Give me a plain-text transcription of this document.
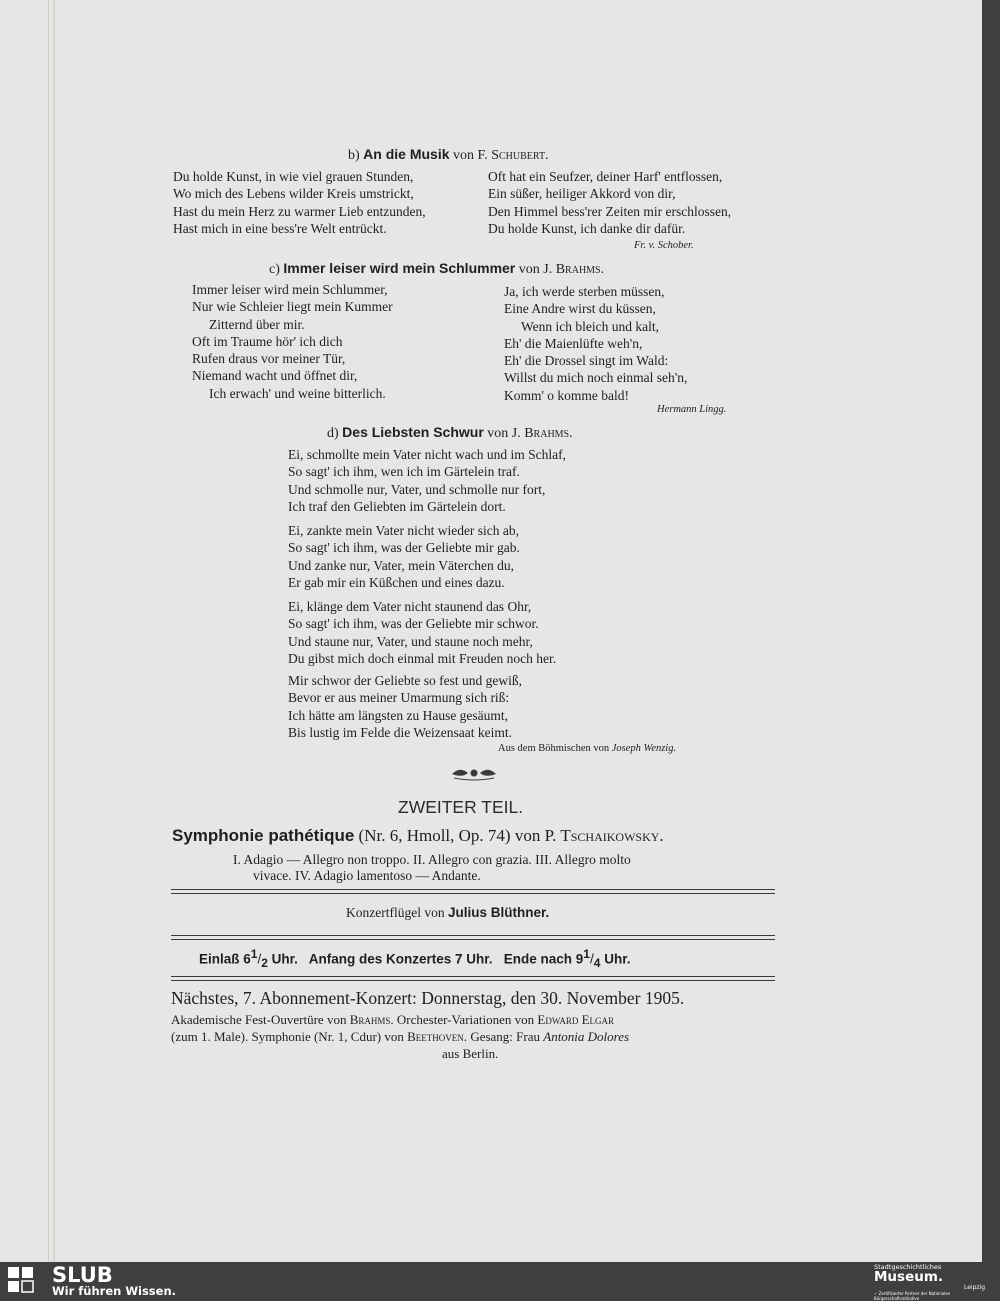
b) An die Musik von F. Schubert.
Du holde Kunst, in wie viel grauen Stunden,
Wo mich des Lebens wilder Kreis umstrickt,
Hast du mein Herz zu warmer Lieb entzunden,
Hast mich in eine bess're Welt entrückt.
Oft hat ein Seufzer, deiner Harf' entflossen,
Ein süßer, heiliger Akkord von dir,
Den Himmel bess'rer Zeiten mir erschlossen,
Du holde Kunst, ich danke dir dafür.
Fr. v. Schober.
c) Immer leiser wird mein Schlummer von J. Brahms.
Immer leiser wird mein Schlummer,
Nur wie Schleier liegt mein Kummer
Zitternd über mir.
Oft im Traume hör' ich dich
Rufen draus vor meiner Tür,
Niemand wacht und öffnet dir,
Ich erwach' und weine bitterlich.
Ja, ich werde sterben müssen,
Eine Andre wirst du küssen,
Wenn ich bleich und kalt,
Eh' die Maienlüfte weh'n,
Eh' die Drossel singt im Wald:
Willst du mich noch einmal seh'n,
Komm' o komme bald!
Hermann Lingg.
d) Des Liebsten Schwur von J. Brahms.
Ei, schmollte mein Vater nicht wach und im Schlaf,
So sagt' ich ihm, wen ich im Gärtelein traf.
Und schmolle nur, Vater, und schmolle nur fort,
Ich traf den Geliebten im Gärtelein dort.
Ei, zankte mein Vater nicht wieder sich ab,
So sagt' ich ihm, was der Geliebte mir gab.
Und zanke nur, Vater, mein Väterchen du,
Er gab mir ein Küßchen und eines dazu.
Ei, klänge dem Vater nicht staunend das Ohr,
So sagt' ich ihm, was der Geliebte mir schwor.
Und staune nur, Vater, und staune noch mehr,
Du gibst mich doch einmal mit Freuden noch her.
Mir schwor der Geliebte so fest und gewiß,
Bevor er aus meiner Umarmung sich riß:
Ich hätte am längsten zu Hause gesäumt,
Bis lustig im Felde die Weizensaat keimt.
Aus dem Böhmischen von Joseph Wenzig.
ZWEITER TEIL.
Symphonie pathétique (Nr. 6, Hmoll, Op. 74) von P. Tschaikowsky.
I. Adagio — Allegro non troppo. II. Allegro con grazia. III. Allegro molto
vivace. IV. Adagio lamentoso — Andante.
Konzertflügel von Julius Blüthner.
Einlaß $6^1/_2$ Uhr. Anfang des Konzertes 7 Uhr. Ende nach $9^1/_4$ Uhr.
Nächstes, 7. Abonnement-Konzert: Donnerstag, den 30. November 1905.
Akademische Fest-Ouvertüre von Brahms. Orchester-Variationen von Edward Elgar
(zum 1. Male). Symphonie (Nr. 1, Cdur) von Beethoven. Gesang: Frau Antonia Dolores
aus Berlin.
SLUB
Wir führen Wissen.
Stadtgeschichtliches
Museum.
Leipzig
✓ Zertifizierter Partner der Nationalen Bürgerschaftsinitiative
